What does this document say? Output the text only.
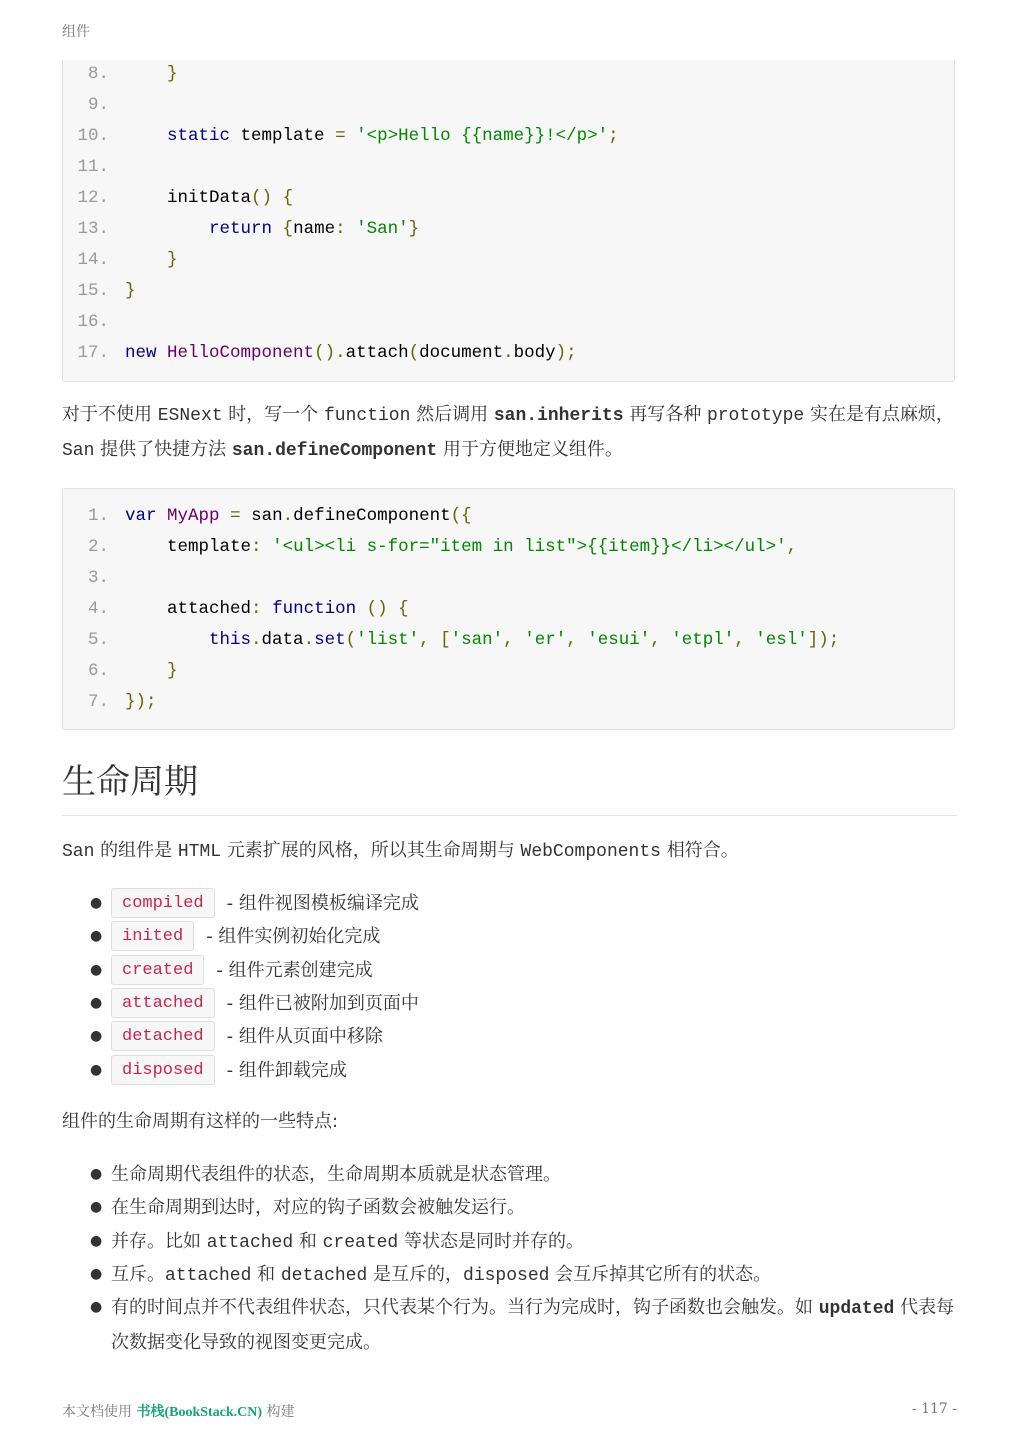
组件
8.	}
9.
10.	static template = '<p>Hello {{name}}!</p>';
11.
12. initData() {
13.	return {name: 'San'}
14.	}
15. }
16.
17. new HelloComponent().attach(document.body);
对于不使用 ESNext 时，写一个 function 然后调用 san.inherits 再写各种 prototype 实在是有点麻烦，San 提供了快捷方法 san.defineComponent 用于方便地定义组件。
1. var MyApp = san.defineComponent({
2. template: '<ul><li s-for="item in list">{{item}}</li></ul>',
3.
4. attached: function () {
5.	this.data.set('list', ['san', 'er', 'esui', 'etpl', 'esl']);
6.	}
7. });
生命周期
San 的组件是 HTML 元素扩展的风格，所以其生命周期与 WebComponents 相符合。
● compiled - 组件视图模板编译完成
● inited - 组件实例初始化完成
● created - 组件元素创建完成
● attached - 组件已被附加到页面中
● detached - 组件从页面中移除
● disposed - 组件卸载完成
组件的生命周期有这样的一些特点:
● 生命周期代表组件的状态，生命周期本质就是状态管理。
● 在生命周期到达时，对应的钩子函数会被触发运行。
● 并存。比如 attached 和 created 等状态是同时并存的。
● 互斥。attached 和 detached 是互斥的，disposed 会互斥掉其它所有的状态。
● 有的时间点并不代表组件状态，只代表某个行为。当行为完成时，钩子函数也会触发。如 updated 代表每次数据变化导致的视图变更完成。
本文档使用 书栈(BookStack.CN) 构建	- 117 -
